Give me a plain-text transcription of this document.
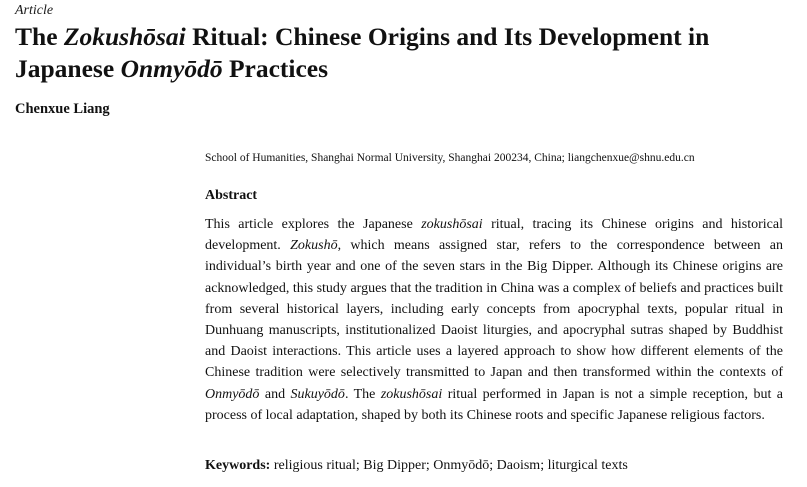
Article
The Zokushōsai Ritual: Chinese Origins and Its Development in Japanese Onmyōdō Practices
Chenxue Liang
School of Humanities, Shanghai Normal University, Shanghai 200234, China; liangchenxue@shnu.edu.cn
Abstract

This article explores the Japanese zokushōsai ritual, tracing its Chinese origins and historical development. Zokushō, which means assigned star, refers to the correspondence between an individual’s birth year and one of the seven stars in the Big Dipper. Although its Chinese origins are acknowledged, this study argues that the tradition in China was a complex of beliefs and practices built from several historical layers, including early concepts from apocryphal texts, popular ritual in Dunhuang manuscripts, institutionalized Daoist liturgies, and apocryphal sutras shaped by Buddhist and Daoist interactions. This article uses a layered approach to show how different elements of the Chinese tradition were selectively transmitted to Japan and then transformed within the contexts of Onmyōdō and Sukuyōdō. The zokushōsai ritual performed in Japan is not a simple reception, but a process of local adaptation, shaped by both its Chinese roots and specific Japanese religious factors.

Keywords: religious ritual; Big Dipper; Onmyōdō; Daoism; liturgical texts
